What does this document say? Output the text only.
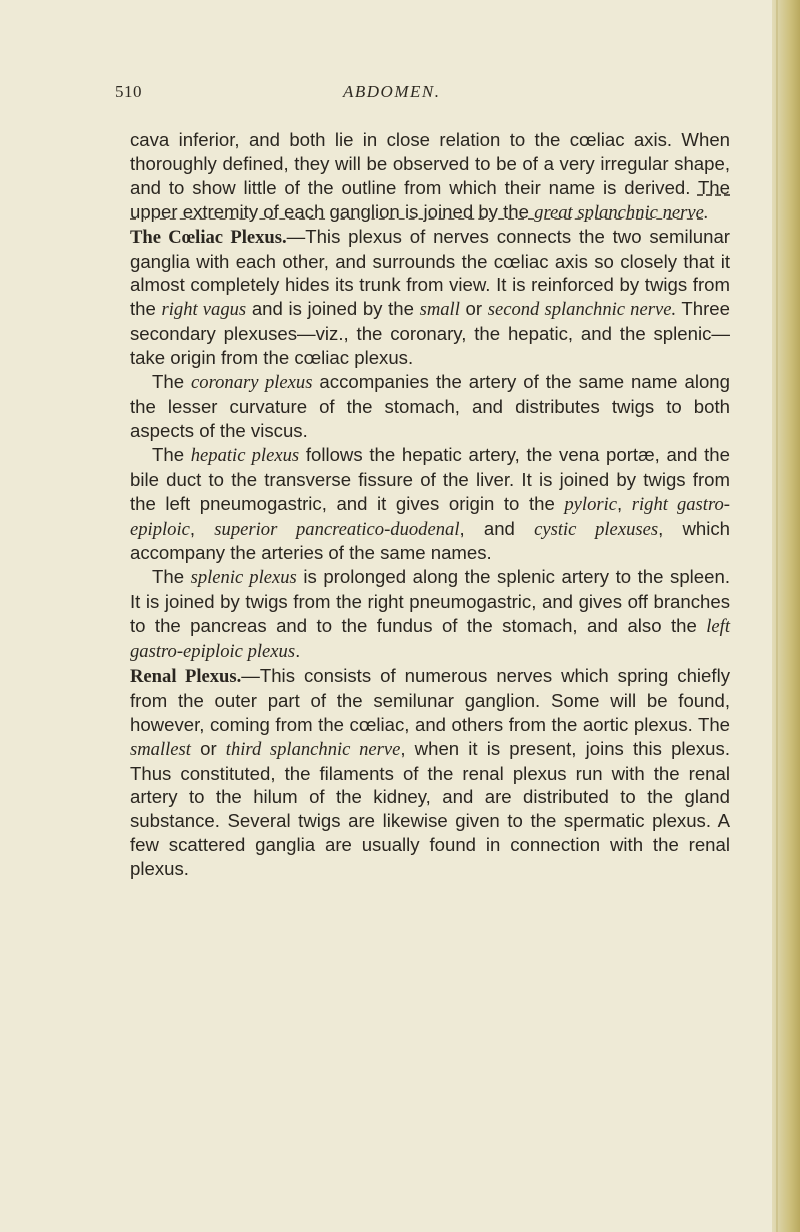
510	ABDOMEN.

cava inferior, and both lie in close relation to the cœliac axis. When thoroughly defined, they will be observed to be of a very irregular shape, and to show little of the outline from which their name is derived. The upper extremity of each ganglion is joined by the great splanchnic nerve.

The Cœliac Plexus.—This plexus of nerves connects the two semilunar ganglia with each other, and surrounds the cœliac axis so closely that it almost completely hides its trunk from view. It is reinforced by twigs from the right vagus and is joined by the small or second splanchnic nerve. Three secondary plexuses—viz., the coronary, the hepatic, and the splenic—take origin from the cœliac plexus.

The coronary plexus accompanies the artery of the same name along the lesser curvature of the stomach, and distributes twigs to both aspects of the viscus.

The hepatic plexus follows the hepatic artery, the vena portæ, and the bile duct to the transverse fissure of the liver. It is joined by twigs from the left pneumogastric, and it gives origin to the pyloric, right gastro-epiploic, superior pancreatico-duodenal, and cystic plexuses, which accompany the arteries of the same names.

The splenic plexus is prolonged along the splenic artery to the spleen. It is joined by twigs from the right pneumogastric, and gives off branches to the pancreas and to the fundus of the stomach, and also the left gastro-epiploic plexus.

Renal Plexus.—This consists of numerous nerves which spring chiefly from the outer part of the semilunar ganglion. Some will be found, however, coming from the cœliac, and others from the aortic plexus. The smallest or third splanchnic nerve, when it is present, joins this plexus. Thus constituted, the filaments of the renal plexus run with the renal artery to the hilum of the kidney, and are distributed to the gland substance. Several twigs are likewise given to the spermatic plexus. A few scattered ganglia are usually found in connection with the renal plexus.
